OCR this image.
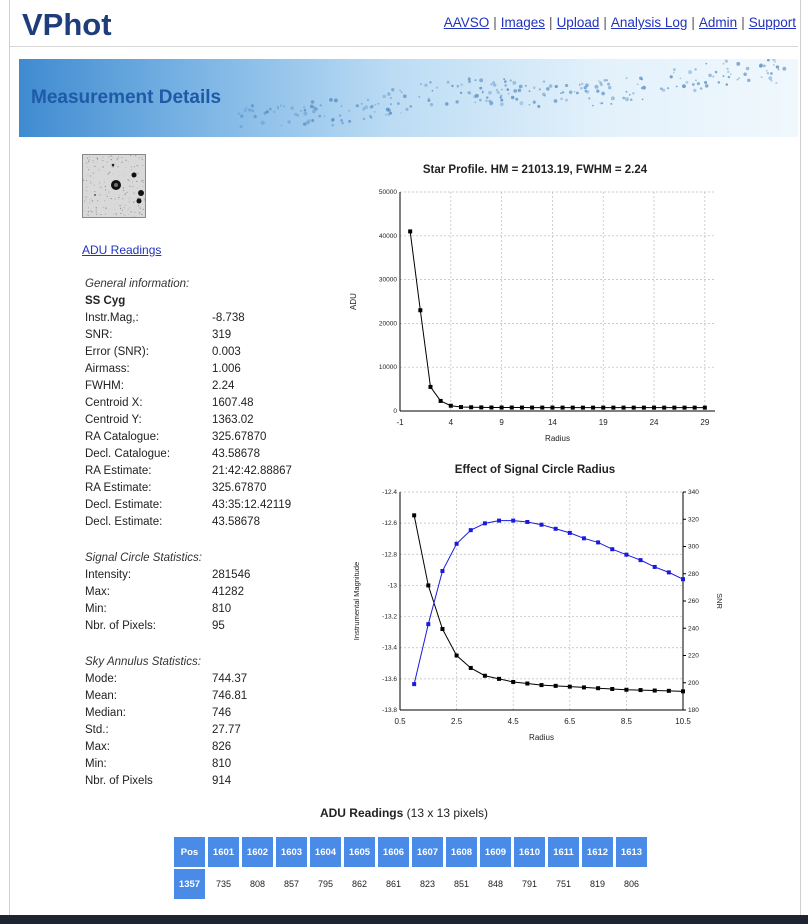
VPhot	AAVSO | Images | Upload | Analysis Log | Admin | Support
Measurement Details
ADU Readings
General information:
SS Cyg
Instr.Mag,:	-8.738
SNR:	319
Error (SNR):	0.003
Airmass:	1.006
FWHM:	2.24
Centroid X:	1607.48
Centroid Y:	1363.02
RA Catalogue:	325.67870
Decl. Catalogue:	43.58678
RA Estimate:	21:42:42.88867
RA Estimate:	325.67870
Decl. Estimate:	43:35:12.42119
Decl. Estimate:	43.58678
Signal Circle Statistics:
Intensity:	281546
Max:	41282
Min:	810
Nbr. of Pixels:	95
Sky Annulus Statistics:
Mode:	744.37
Mean:	746.81
Median:	746
Std.:	27.77
Max:	826
Min:	810
Nbr. of Pixels	914
Star Profile. HM = 21013.19, FWHM = 2.24
-1	4	9	14	19	24	29
0
10000
20000
30000
40000
50000
Radius
ADU
Effect of Signal Circle Radius
0.5	2.5	4.5	6.5	8.5	10.5
-12.4
-12.6
-12.8
-13
-13.2
-13.4
-13.6
-13.8	180
200
220
240
260
280
300
320
340
Radius
Instrumental Magnitude	SNR
ADU Readings (13 x 13 pixels)
Pos	1601	1602	1603	1604	1605	1606	1607	1608	1609	1610	1611	1612	1613
1357	735	808	857	795	862	861	823	851	848	791	751	819	806
